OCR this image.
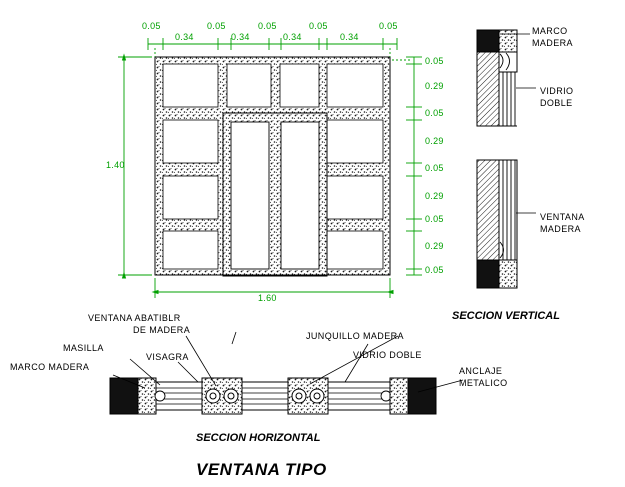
0.05
0.34
0.05
0.34
0.05
0.34
0.05
0.34
0.05
0.05
0.29
0.05
0.29
0.05
0.29
0.05
0.29
0.05
1.40
1.60
MARCO
MADERA
VIDRIO
DOBLE
VENTANA
MADERA
SECCION VERTICAL
VENTANA ABATIBLR
DE MADERA
MASILLA
MARCO MADERA
VISAGRA
JUNQUILLO MADERA
VIDRIO DOBLE
ANCLAJE
METALICO
SECCION HORIZONTAL
VENTANA TIPO
